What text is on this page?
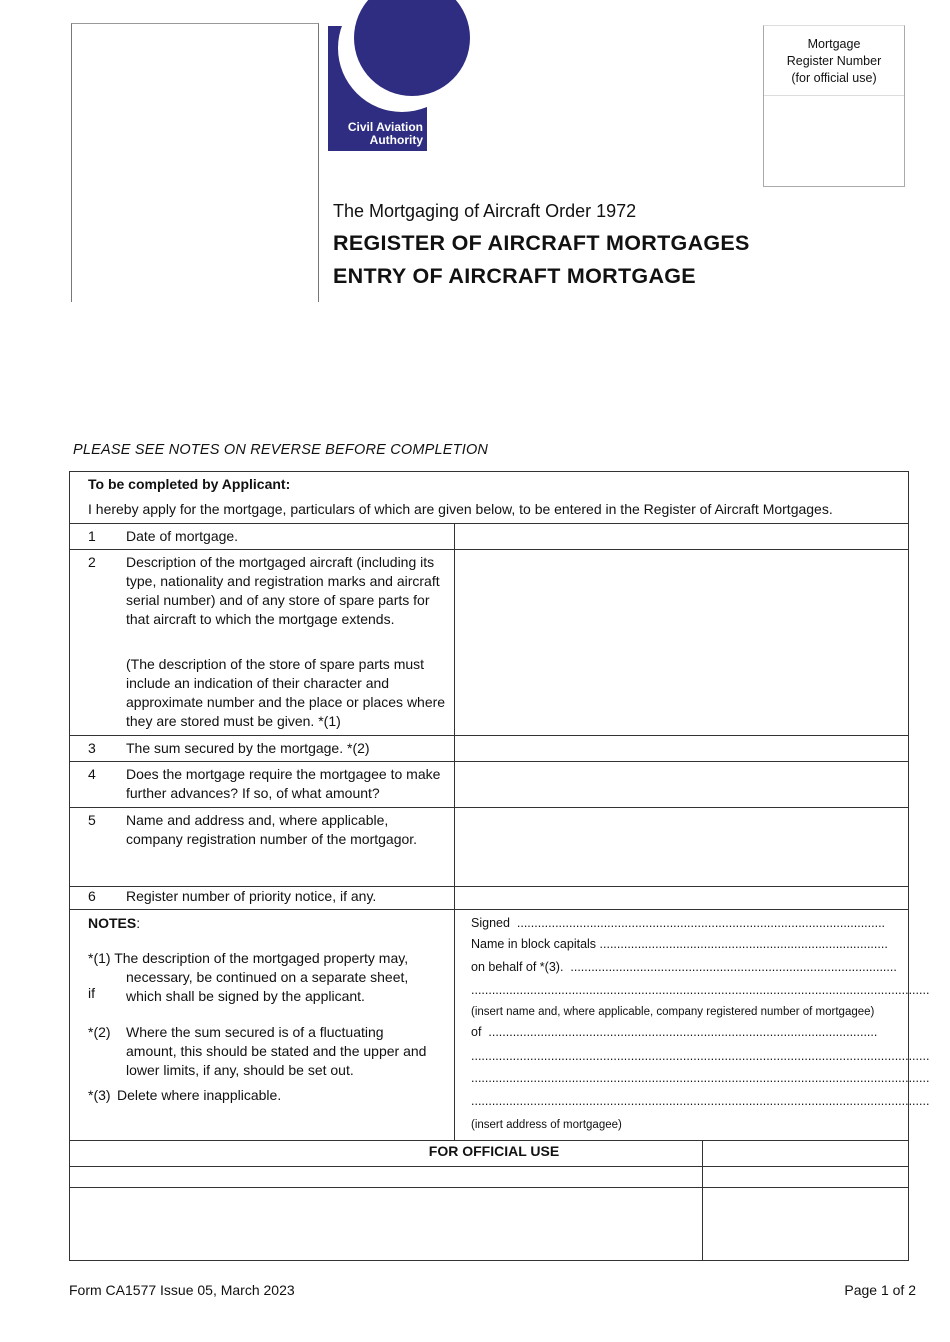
Civil Aviation
Authority
Mortgage
Register Number
(for official use)
The Mortgaging of Aircraft Order 1972
REGISTER OF AIRCRAFT MORTGAGES
ENTRY OF AIRCRAFT MORTGAGE
PLEASE SEE NOTES ON REVERSE BEFORE COMPLETION
To be completed by Applicant:
I hereby apply for the mortgage, particulars of which are given below, to be entered in the Register of Aircraft Mortgages.
1 Date of mortgage.
2 Description of the mortgaged aircraft (including its type, nationality and registration marks and aircraft serial number) and of any store of spare parts for that aircraft to which the mortgage extends.
(The description of the store of spare parts must include an indication of their character and approximate number and the place or places where they are stored must be given. *(1)
3 The sum secured by the mortgage. *(2)
4 Does the mortgage require the mortgagee to make further advances? If so, of what amount?
5 Name and address and, where applicable, company registration number of the mortgagor.
6 Register number of priority notice, if any.
NOTES:
*(1) The description of the mortgaged property may,
necessary, be continued on a separate sheet,
if which shall be signed by the applicant.
*(2) Where the sum secured is of a fluctuating amount, this should be stated and the upper and lower limits, if any, should be set out.
*(3) Delete where inapplicable.
Signed  ..........................................................................................................
Name in block capitals ...................................................................................
on behalf of *(3).  ..............................................................................................
....................................................................................................................................
(insert name and, where applicable, company registered number of mortgagee)
of  ................................................................................................................
....................................................................................................................................
....................................................................................................................................
....................................................................................................................................
(insert address of mortgagee)
FOR OFFICIAL USE
Form CA1577 Issue 05, March 2023	Page 1 of 2
